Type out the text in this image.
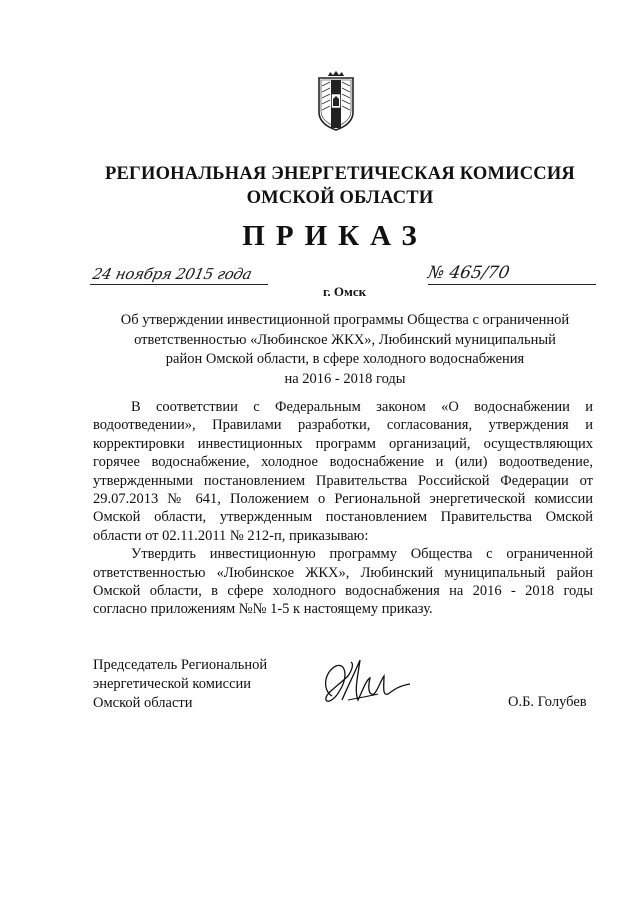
РЕГИОНАЛЬНАЯ ЭНЕРГЕТИЧЕСКАЯ КОМИССИЯ
ОМСКОЙ ОБЛАСТИ
ПРИКАЗ
24 ноября 2015 года
г. Омск
№ 465/70
Об утверждении инвестиционной программы Общества с ограниченной
ответственностью «Любинское ЖКХ», Любинский муниципальный
район Омской области, в сфере холодного водоснабжения
на 2016 - 2018 годы

В соответствии с Федеральным законом «О водоснабжении и водоотведении», Правилами разработки, согласования, утверждения и корректировки инвестиционных программ организаций, осуществляющих горячее водоснабжение, холодное водоснабжение и (или) водоотведение, утвержденными постановлением Правительства Российской Федерации от 29.07.2013 № 641, Положением о Региональной энергетической комиссии Омской области, утвержденным постановлением Правительства Омской области от 02.11.2011 № 212-п, приказываю:

Утвердить инвестиционную программу Общества с ограниченной ответственностью «Любинское ЖКХ», Любинский муниципальный район Омской области, в сфере холодного водоснабжения на 2016 - 2018 годы согласно приложениям №№ 1-5 к настоящему приказу.

Председатель Региональной
энергетической комиссии
Омской области	О.Б. Голубев
